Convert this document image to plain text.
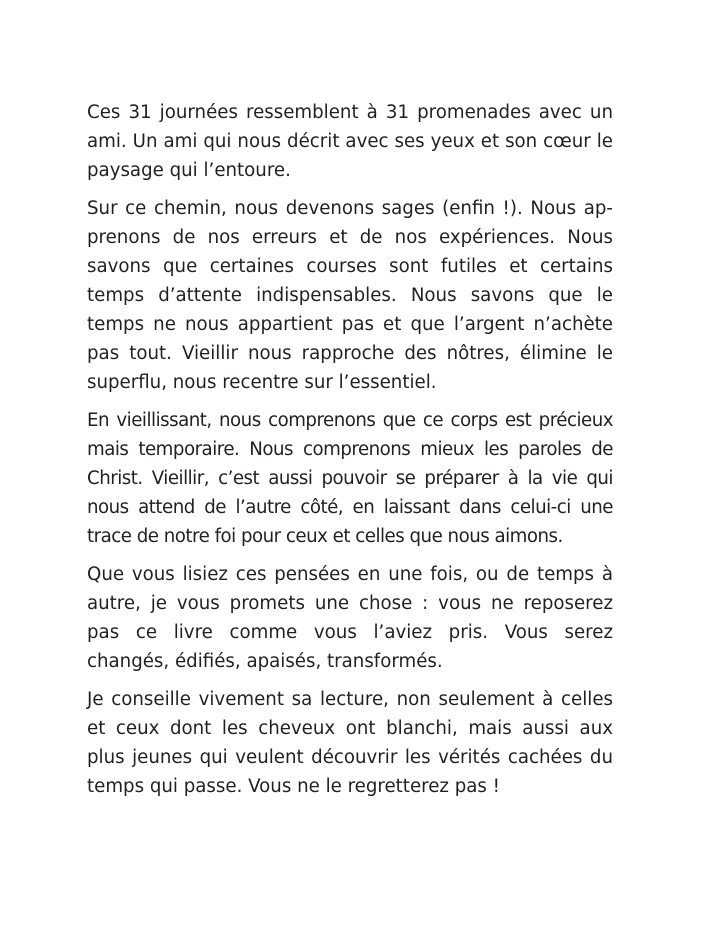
Ces 31 journées ressemblent à 31 promenades avec un ami. Un ami qui nous décrit avec ses yeux et son cœur le paysage qui l’entoure.

Sur ce chemin, nous devenons sages (enfin !). Nous apprenons de nos erreurs et de nos expériences. Nous savons que certaines courses sont futiles et certains temps d’attente indispensables. Nous savons que le temps ne nous appartient pas et que l’argent n’achète pas tout. Vieillir nous rapproche des nôtres, élimine le superflu, nous recentre sur l’essentiel.

En vieillissant, nous comprenons que ce corps est précieux mais temporaire. Nous comprenons mieux les paroles de Christ. Vieillir, c’est aussi pouvoir se préparer à la vie qui nous attend de l’autre côté, en laissant dans celui-ci une trace de notre foi pour ceux et celles que nous aimons.

Que vous lisiez ces pensées en une fois, ou de temps à autre, je vous promets une chose : vous ne reposerez pas ce livre comme vous l’aviez pris. Vous serez changés, édifiés, apaisés, transformés.

Je conseille vivement sa lecture, non seulement à celles et ceux dont les cheveux ont blanchi, mais aussi aux plus jeunes qui veulent découvrir les vérités cachées du temps qui passe. Vous ne le regretterez pas !
